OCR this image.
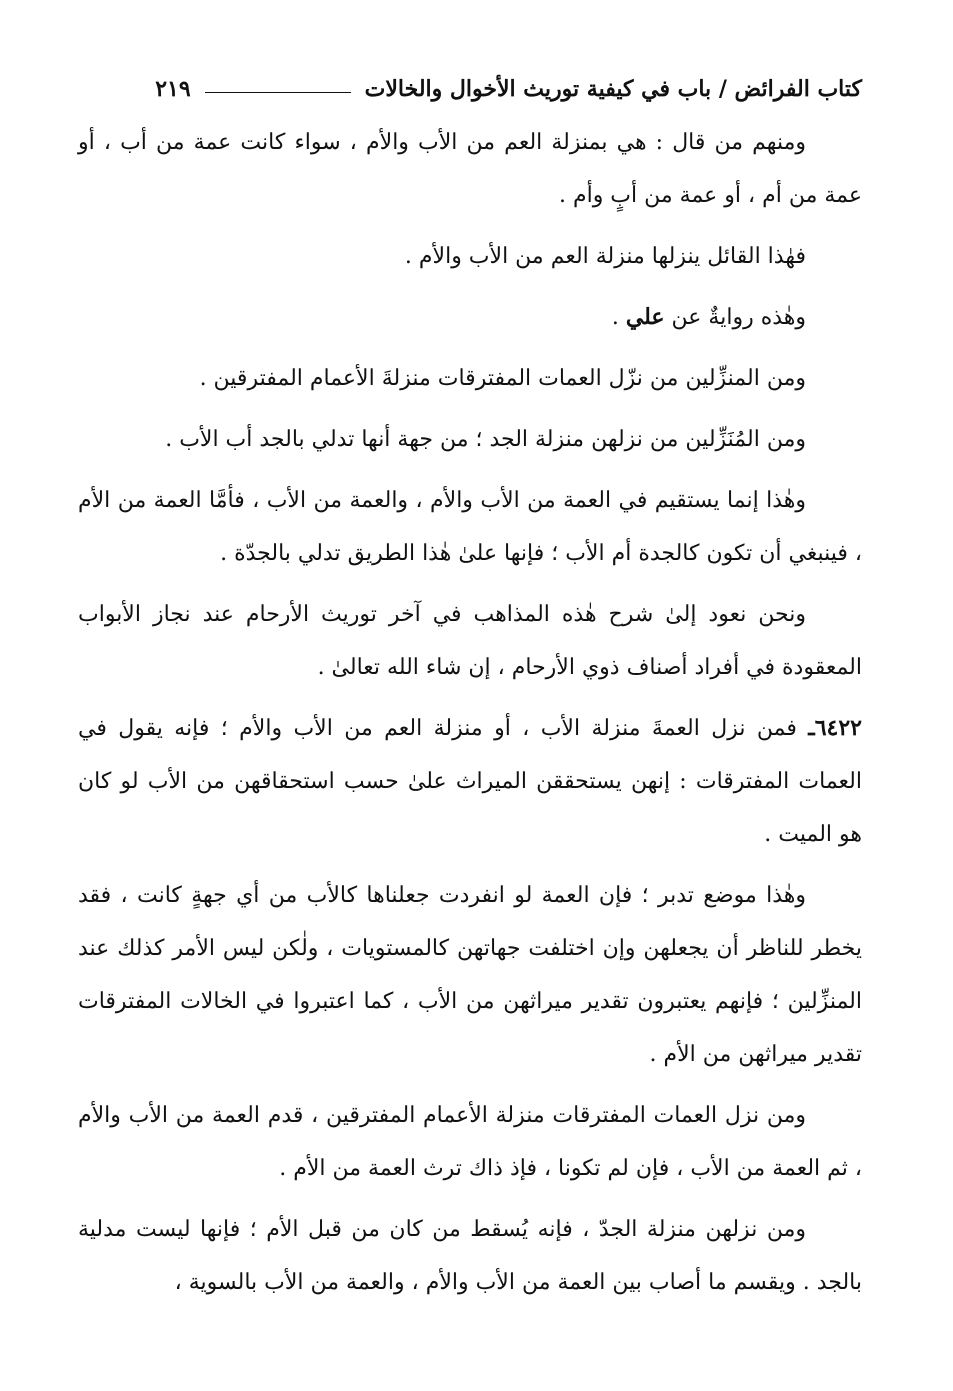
كتاب الفرائض / باب في كيفية توريث الأخوال والخالات
٢١٩

ومنهم من قال : هي بمنزلة العم من الأب والأم ، سواء كانت عمة من أب ، أو عمة من أم ، أو عمة من أبٍ وأم .

فهٰذا القائل ينزلها منزلة العم من الأب والأم .

وهٰذه روايةٌ عن علي .

ومن المنزِّلين من نزّل العمات المفترقات منزلةَ الأعمام المفترقين .

ومن المُنَزِّلين من نزلهن منزلة الجد ؛ من جهة أنها تدلي بالجد أب الأب .

وهٰذا إنما يستقيم في العمة من الأب والأم ، والعمة من الأب ، فأمَّا العمة من الأم ، فينبغي أن تكون كالجدة أم الأب ؛ فإنها علىٰ هٰذا الطريق تدلي بالجدّة .

ونحن نعود إلىٰ شرح هٰذه المذاهب في آخر توريث الأرحام عند نجاز الأبواب المعقودة في أفراد أصناف ذوي الأرحام ، إن شاء الله تعالىٰ .

٦٤٢٢ـ فمن نزل العمةَ منزلة الأب ، أو منزلة العم من الأب والأم ؛ فإنه يقول في العمات المفترقات : إنهن يستحققن الميراث علىٰ حسب استحقاقهن من الأب لو كان هو الميت .

وهٰذا موضع تدبر ؛ فإن العمة لو انفردت جعلناها كالأب من أي جهةٍ كانت ، فقد يخطر للناظر أن يجعلهن وإن اختلفت جهاتهن كالمستويات ، ولٰكن ليس الأمر كذلك عند المنزِّلين ؛ فإنهم يعتبرون تقدير ميراثهن من الأب ، كما اعتبروا في الخالات المفترقات تقدير ميراثهن من الأم .

ومن نزل العمات المفترقات منزلة الأعمام المفترقين ، قدم العمة من الأب والأم ، ثم العمة من الأب ، فإن لم تكونا ، فإذ ذاك ترث العمة من الأم .

ومن نزلهن منزلة الجدّ ، فإنه يُسقط من كان من قبل الأم ؛ فإنها ليست مدلية بالجد . ويقسم ما أصاب بين العمة من الأب والأم ، والعمة من الأب بالسوية ،
